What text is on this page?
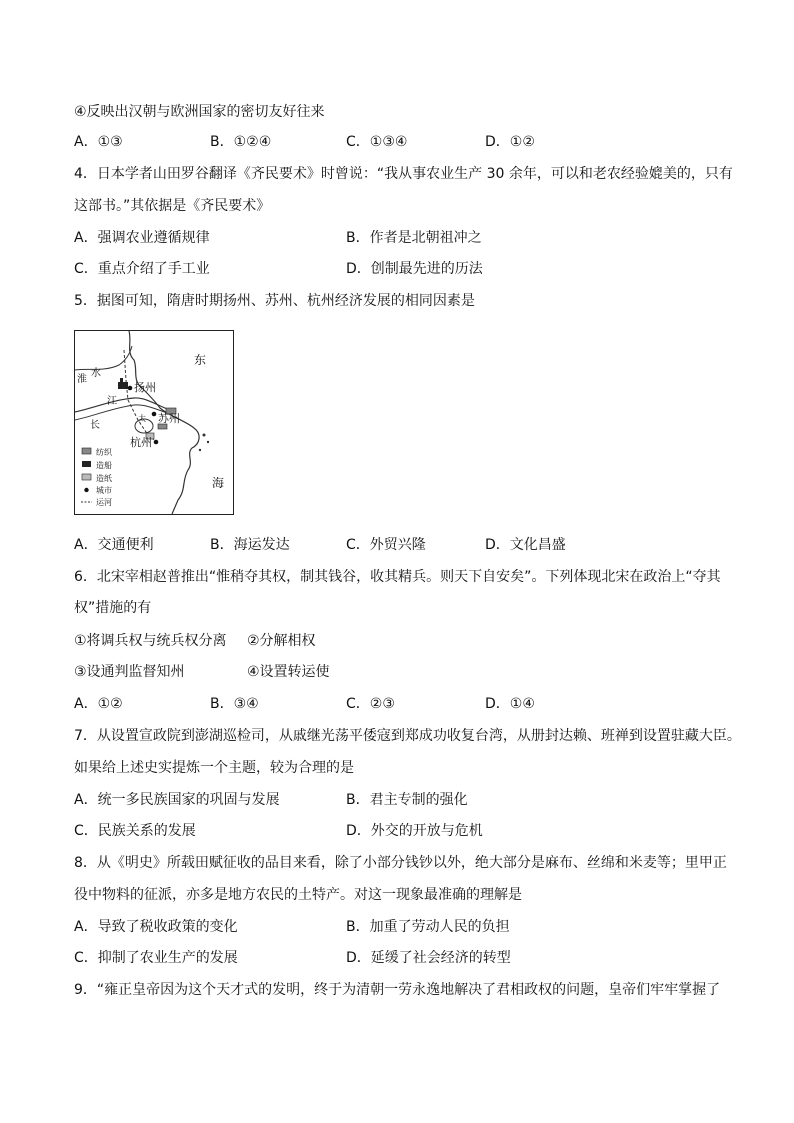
④反映出汉朝与欧洲国家的密切友好往来
A．①③	B．①②④	C．①③④	D．①②
4．日本学者山田罗谷翻译《齐民要术》时曾说：“我从事农业生产 30 余年，可以和老农经验媲美的，只有
这部书。”其依据是《齐民要术》
A．强调农业遵循规律	B．作者是北朝祖冲之
C．重点介绍了手工业	D．创制最先进的历法
5．据图可知，隋唐时期扬州、苏州、杭州经济发展的相同因素是
东
海
淮
水
江
长
太
扬州
苏州
杭州
纺织
造船
造纸
城市
运河
A．交通便利	B．海运发达	C．外贸兴隆	D．文化昌盛
6．北宋宰相赵普推出“惟稍夺其权，制其钱谷，收其精兵。则天下自安矣”。下列体现北宋在政治上“夺其
权”措施的有
①将调兵权与统兵权分离 ②分解相权
③设通判监督知州	④设置转运使
A．①②	B．③④	C．②③	D．①④
7．从设置宣政院到澎湖巡检司，从戚继光荡平倭寇到郑成功收复台湾，从册封达赖、班禅到设置驻藏大臣。
如果给上述史实提炼一个主题，较为合理的是
A．统一多民族国家的巩固与发展	B．君主专制的强化
C．民族关系的发展	D．外交的开放与危机
8．从《明史》所载田赋征收的品目来看，除了小部分钱钞以外，绝大部分是麻布、丝绵和米麦等；里甲正
役中物料的征派，亦多是地方农民的土特产。对这一现象最准确的理解是
A．导致了税收政策的变化	B．加重了劳动人民的负担
C．抑制了农业生产的发展	D．延缓了社会经济的转型
9．“雍正皇帝因为这个天才式的发明，终于为清朝一劳永逸地解决了君相政权的问题，皇帝们牢牢掌握了
